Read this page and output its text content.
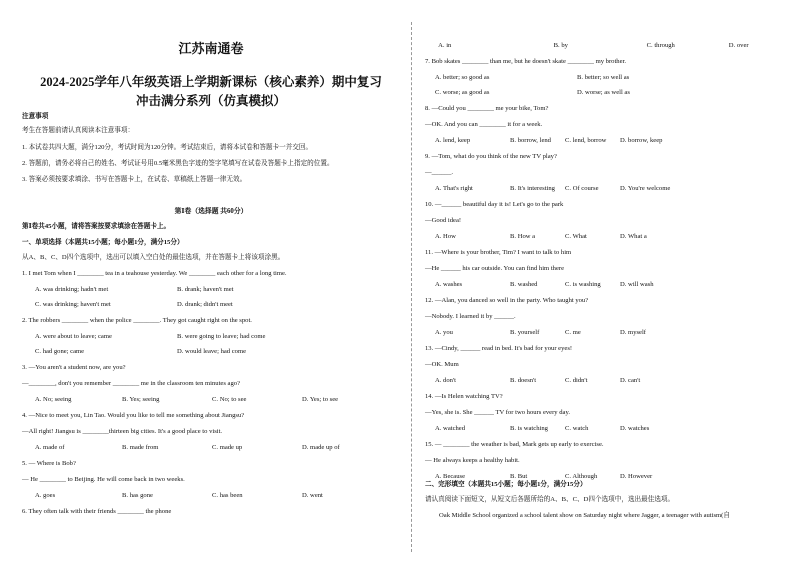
江苏南通卷
2024-2025学年八年级英语上学期新课标（核心素养）期中复习
冲击满分系列（仿真模拟）
注意事项
考生在答题前请认真阅读本注意事项：
1. 本试卷共四大题，满分120分，考试时间为120分钟。考试结束后，请将本试卷和答题卡一并交回。
2. 答题前，请务必将自己的姓名、考试证号用0.5毫米黑色字迹的签字笔填写在试卷及答题卡上指定的位置。
3. 答案必须按要求填涂、书写在答题卡上，在试卷、草稿纸上答题一律无效。
第Ⅰ卷（选择题 共60分）
第Ⅰ卷共45小题，请将答案按要求填涂在答题卡上。
一、单项选择（本题共15小题；每小题1分，满分15分）
从A、B、C、D四个选项中，选出可以填入空白处的最佳选项，并在答题卡上将该项涂黑。
1. I met Tom when I ________ tea in a teahouse yesterday. We ________ each other for a long time.
A. was drinking; hadn't met	B. drank; haven't met
C. was drinking; haven't met	D. drank; didn't meet
2. The robbers ________ when the police ________. They got caught right on the spot.
A. were about to leave; came	B. were going to leave; had come
C. had gone; came	D. would leave; had come
3. —You aren't a student now, are you?
—________, don't you remember ________ me in the classroom ten minutes ago?
A. No; seeing	B. Yes; seeing	C. No; to see	D. Yes; to see
4. —Nice to meet you, Lin Tao. Would you like to tell me something about Jiangsu?
—All right! Jiangsu is ________thirteen big cities. It's a good place to visit.
A. made of	B. made from	C. made up	D. made up of
5. — Where is Bob?
— He ________ to Beijing. He will come back in two weeks.
A. goes	B. has gone	C. has been	D. went
6. They often talk with their friends ________ the phone
A. in	B. by	C. through	D. over
7. Bob skates ________ than me, but he doesn't skate ________ my brother.
A. better; so good as	B. better; so well as
C. worse; as good as	D. worse; as well as
8. —Could you ________ me your bike, Tom?
—OK. And you can ________ it for a week.
A. lend, keep	B. borrow, lend C. lend, borrow D. borrow, keep
9. —Tom, what do you think of the new TV play?
—______.
A. That's right	B. It's interesting C. Of course	D. You're welcome
10. —______ beautiful day it is! Let's go to the park
—Good idea!
A. How	B. How a	C. What	D. What a
11. —Where is your brother, Tim? I want to talk to him
—He ______ his car outside. You can find him there
A. washes	B. washed	C. is washing	D. will wash
12. —Alan, you danced so well in the party. Who taught you?
—Nobody. I learned it by ______.
A. you	B. yourself	C. me	D. myself
13. —Cindy, ______ read in bed. It's bad for your eyes!
—OK. Mum
A. don't	B. doesn't	C. didn't	D. can't
14. —Is Helen watching TV?
—Yes, she is. She ______ TV for two hours every day.
A. watched	B. is watching	C. watch	D. watches
15. — ________ the weather is bad, Mark gets up early to exercise.
— He always keeps a healthy habit.
A. Because	B. But	C. Although	D. However
二、完形填空（本题共15小题；每小题1分，满分15分）
请认真阅读下面短文，从短文后各题所给的A、B、C、D四个选项中，选出最佳选项。
Oak Middle School organized a school talent show on Saturday night where Jagger, a teenager with autism(自
